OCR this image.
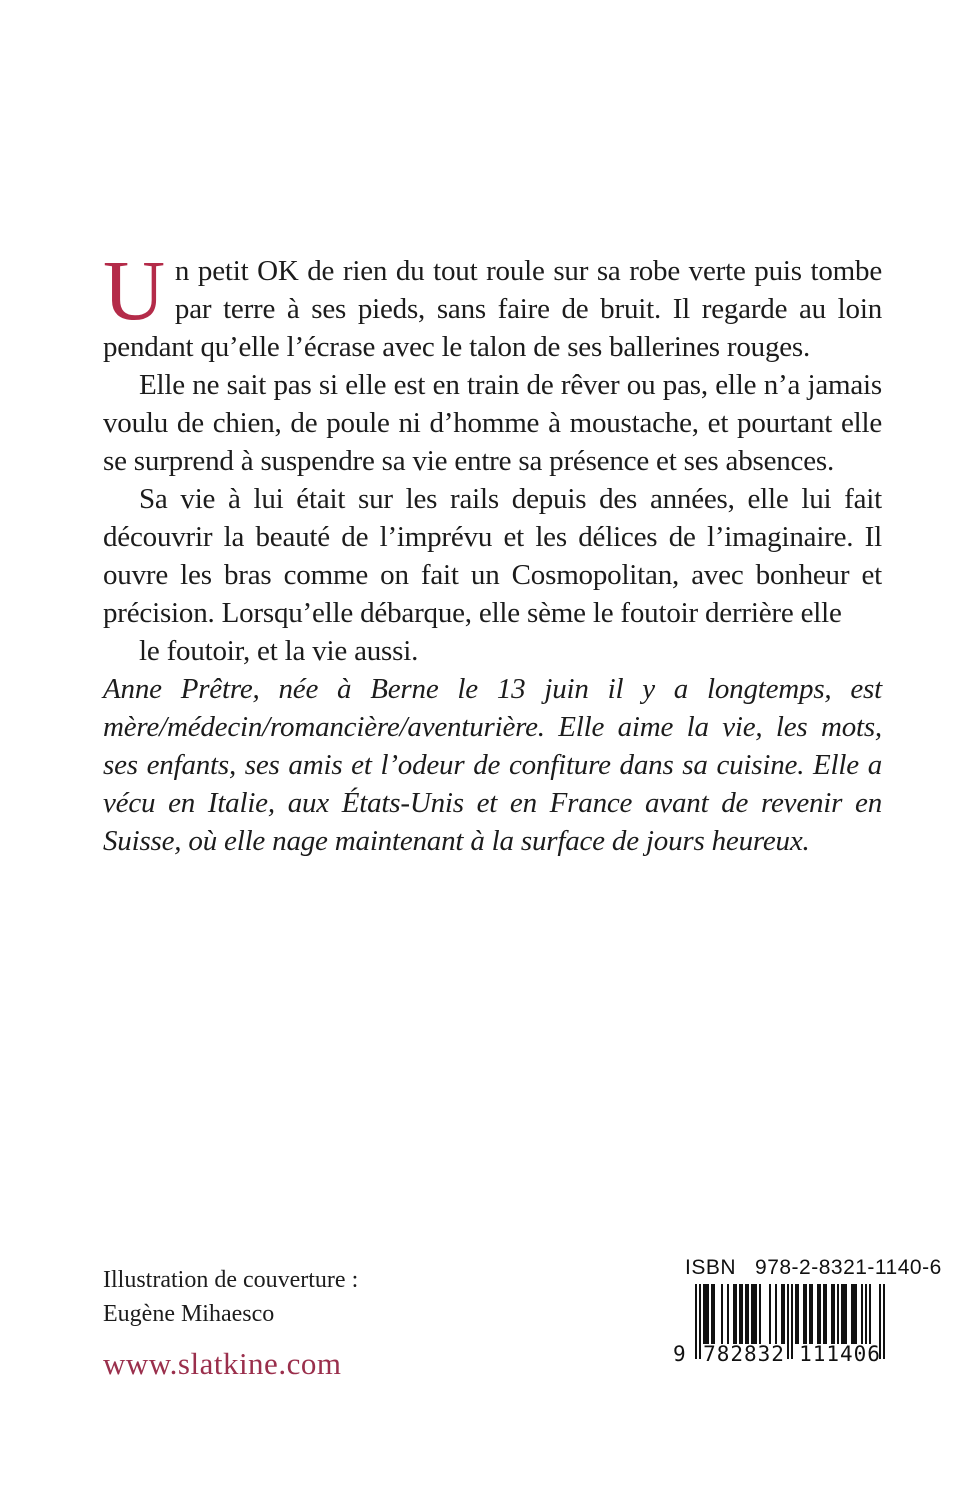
Un petit OK de rien du tout roule sur sa robe verte puis tombe par terre à ses pieds, sans faire de bruit. Il regarde au loin pendant qu’elle l’écrase avec le talon de ses ballerines rouges.

Elle ne sait pas si elle est en train de rêver ou pas, elle n’a jamais voulu de chien, de poule ni d’homme à moustache, et pourtant elle se surprend à suspendre sa vie entre sa présence et ses absences.

Sa vie à lui était sur les rails depuis des années, elle lui fait découvrir la beauté de l’imprévu et les délices de l’imaginaire. Il ouvre les bras comme on fait un Cosmopolitan, avec bonheur et précision. Lorsqu’elle débarque, elle sème le foutoir derrière elle

le foutoir, et la vie aussi.

Anne Prêtre, née à Berne le 13 juin il y a longtemps, est mère/médecin/romancière/aventurière. Elle aime la vie, les mots, ses enfants, ses amis et l’odeur de confiture dans sa cuisine. Elle a vécu en Italie, aux États-Unis et en France avant de revenir en Suisse, où elle nage maintenant à la surface de jours heureux.

Illustration de couverture :
Eugène Mihaesco
www.slatkine.com
ISBN   978-2-8321-1140-6
9 782832 111406
